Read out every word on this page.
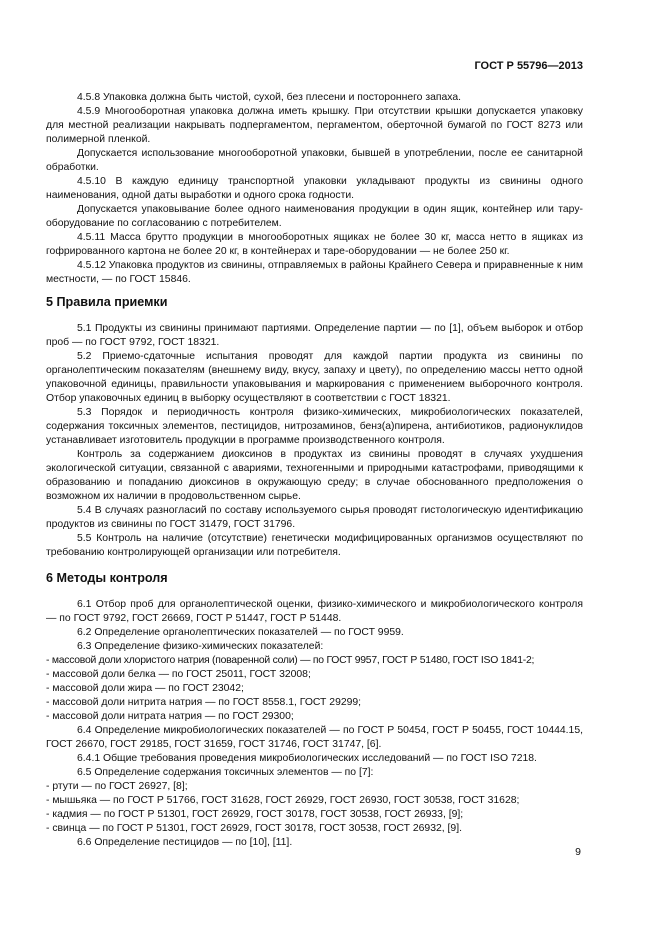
ГОСТ Р 55796—2013

4.5.8 Упаковка должна быть чистой, сухой, без плесени и постороннего запаха.

4.5.9 Многооборотная упаковка должна иметь крышку. При отсутствии крышки допускается упаковку для местной реализации накрывать подпергаментом, пергаментом, оберточной бумагой по ГОСТ 8273 или полимерной пленкой.

Допускается использование многооборотной упаковки, бывшей в употреблении, после ее санитарной обработки.

4.5.10 В каждую единицу транспортной упаковки укладывают продукты из свинины одного наименования, одной даты выработки и одного срока годности.

Допускается упаковывание более одного наименования продукции в один ящик, контейнер или тару-оборудование по согласованию с потребителем.

4.5.11 Масса брутто продукции в многооборотных ящиках не более 30 кг, масса нетто в ящиках из гофрированного картона не более 20 кг, в контейнерах и таре-оборудовании — не более 250 кг.

4.5.12 Упаковка продуктов из свинины, отправляемых в районы Крайнего Севера и приравненные к ним местности, — по ГОСТ 15846.

5 Правила приемки

5.1 Продукты из свинины принимают партиями. Определение партии — по [1], объем выборок и отбор проб — по ГОСТ 9792, ГОСТ 18321.

5.2 Приемо-сдаточные испытания проводят для каждой партии продукта из свинины по органолептическим показателям (внешнему виду, вкусу, запаху и цвету), по определению массы нетто одной упаковочной единицы, правильности упаковывания и маркирования с применением выборочного контроля. Отбор упаковочных единиц в выборку осуществляют в соответствии с ГОСТ 18321.

5.3 Порядок и периодичность контроля физико-химических, микробиологических показателей, содержания токсичных элементов, пестицидов, нитрозаминов, бенз(а)пирена, антибиотиков, радионуклидов устанавливает изготовитель продукции в программе производственного контроля.

Контроль за содержанием диоксинов в продуктах из свинины проводят в случаях ухудшения экологической ситуации, связанной с авариями, техногенными и природными катастрофами, приводящими к образованию и попаданию диоксинов в окружающую среду; в случае обоснованного предположения о возможном их наличии в продовольственном сырье.

5.4 В случаях разногласий по составу используемого сырья проводят гистологическую идентификацию продуктов из свинины по ГОСТ 31479, ГОСТ 31796.

5.5 Контроль на наличие (отсутствие) генетически модифицированных организмов осуществляют по требованию контролирующей организации или потребителя.

6 Методы контроля

6.1 Отбор проб для органолептической оценки, физико-химического и микробиологического контроля — по ГОСТ 9792, ГОСТ 26669, ГОСТ Р 51447, ГОСТ Р 51448.

6.2 Определение органолептических показателей — по ГОСТ 9959.

6.3 Определение физико-химических показателей:

- массовой доли хлористого натрия (поваренной соли) — по ГОСТ 9957, ГОСТ Р 51480, ГОСТ ISO 1841-2;

- массовой доли белка — по ГОСТ 25011, ГОСТ 32008;

- массовой доли жира — по ГОСТ 23042;

- массовой доли нитрита натрия — по ГОСТ 8558.1, ГОСТ 29299;

- массовой доли нитрата натрия — по ГОСТ 29300;

6.4 Определение микробиологических показателей — по ГОСТ Р 50454, ГОСТ Р 50455, ГОСТ 10444.15, ГОСТ 26670, ГОСТ 29185, ГОСТ 31659, ГОСТ 31746, ГОСТ 31747, [6].

6.4.1 Общие требования проведения микробиологических исследований — по ГОСТ ISO 7218.

6.5 Определение содержания токсичных элементов — по [7]:

- ртути — по ГОСТ 26927, [8];

- мышьяка — по ГОСТ Р 51766, ГОСТ 31628, ГОСТ 26929, ГОСТ 26930, ГОСТ 30538, ГОСТ 31628;

- кадмия — по ГОСТ Р 51301, ГОСТ 26929, ГОСТ 30178, ГОСТ 30538, ГОСТ 26933, [9];

- свинца — по ГОСТ Р 51301, ГОСТ 26929, ГОСТ 30178, ГОСТ 30538, ГОСТ 26932, [9].

6.6 Определение пестицидов — по [10], [11].

9
